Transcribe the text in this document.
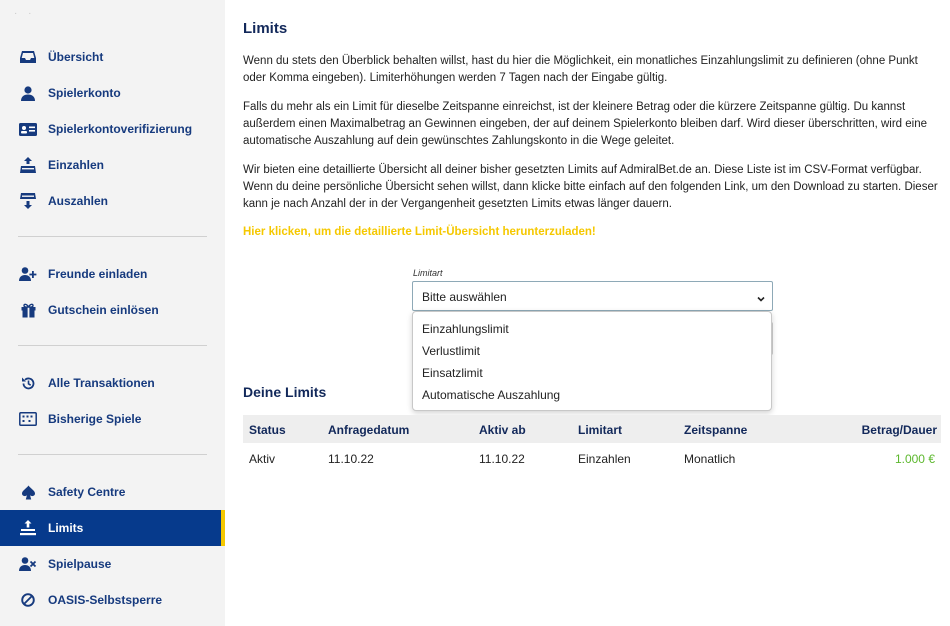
· ·
Übersicht
Spielerkonto
Spielerkontoverifizierung
Einzahlen
Auszahlen
Freunde einladen
Gutschein einlösen
Alle Transaktionen
Bisherige Spiele
Safety Centre
Limits
Spielpause
OASIS-Selbstsperre
Limits

Wenn du stets den Überblick behalten willst, hast du hier die Möglichkeit, ein monatliches Einzahlungslimit zu definieren (ohne Punkt oder Komma eingeben). Limiterhöhungen werden 7 Tagen nach der Eingabe gültig.

Falls du mehr als ein Limit für dieselbe Zeitspanne einreichst, ist der kleinere Betrag oder die kürzere Zeitspanne gültig. Du kannst außerdem einen Maximalbetrag an Gewinnen eingeben, der auf deinem Spielerkonto bleiben darf. Wird dieser überschritten, wird eine automatische Auszahlung auf dein gewünschtes Zahlungskonto in die Wege geleitet.

Wir bieten eine detaillierte Übersicht all deiner bisher gesetzten Limits auf AdmiralBet.de an. Diese Liste ist im CSV-Format verfügbar. Wenn du deine persönliche Übersicht sehen willst, dann klicke bitte einfach auf den folgenden Link, um den Download zu starten. Dieser kann je nach Anzahl der in der Vergangenheit gesetzten Limits etwas länger dauern.

Hier klicken, um die detaillierte Limit-Übersicht herunterzuladen!
Limitart
Bitte auswählen
Einzahlungslimit
Verlustlimit
Einsatzlimit
Automatische Auszahlung
Deine Limits
Status	Anfragedatum	Aktiv ab	Limitart	Zeitspanne	Betrag/Dauer
Aktiv	11.10.22	11.10.22	Einzahlen	Monatlich	1.000 €
